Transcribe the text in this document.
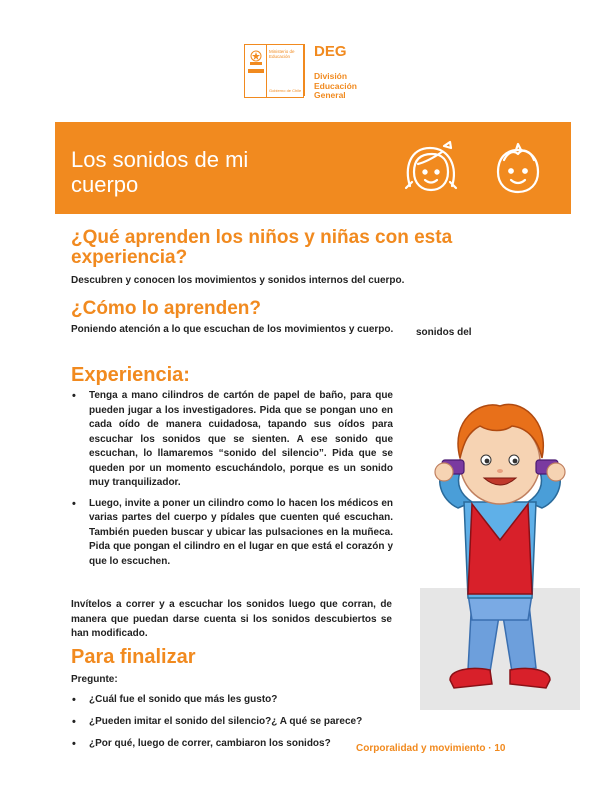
Ministerio de Educación
Gobierno de Chile
DEG
División
Educación
General
Los sonidos de mi cuerpo
¿Qué aprenden los niños y niñas con esta experiencia?
Descubren y conocen los movimientos y sonidos internos del cuerpo.
¿Cómo lo aprenden?
Poniendo atención a lo que escuchan de los movimientos y cuerpo.	sonidos del
Experiencia:
• Tenga a mano cilindros de cartón de papel de baño, para que pueden jugar a los investigadores. Pida que se pongan uno en cada oído de manera cuidadosa, tapando sus oídos para escuchar los sonidos que se sienten. A ese sonido que escuchan, lo llamaremos “sonido del silencio”. Pida que se queden por un momento escuchándolo, porque es un sonido muy tranquilizador.
• Luego, invite a poner un cilindro como lo hacen los médicos en varias partes del cuerpo y pídales que cuenten qué escuchan. También pueden buscar y ubicar las pulsaciones en la muñeca. Pida que pongan el cilindro en el lugar en que está el corazón y que lo escuchen.
Invítelos a correr y a escuchar los sonidos luego que corran, de manera que puedan darse cuenta si los sonidos descubiertos se han modificado.
Para finalizar
Pregunte:
• ¿Cuál fue el sonido que más les gusto?
• ¿Pueden imitar el sonido del silencio?¿ A qué se parece?
• ¿Por qué, luego de correr, cambiaron los sonidos?	Corporalidad y movimiento · 10
